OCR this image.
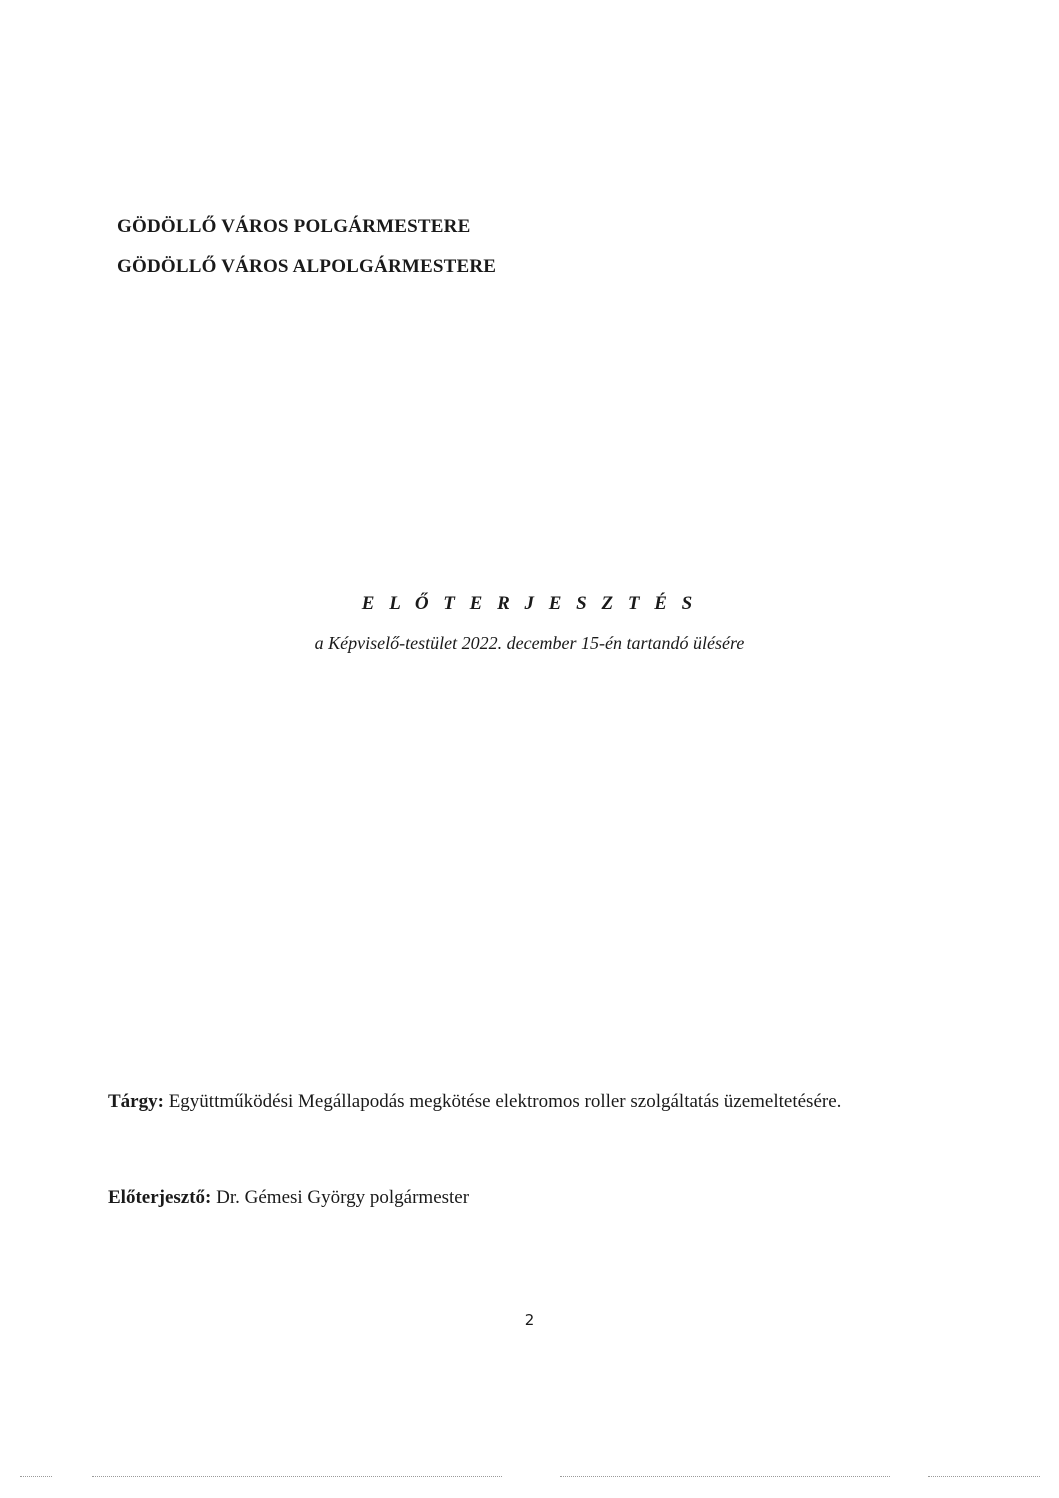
GÖDÖLLŐ VÁROS POLGÁRMESTERE
GÖDÖLLŐ VÁROS ALPOLGÁRMESTERE
E L Ő T E R J E S Z T É S
a Képviselő-testület 2022. december 15-én tartandó ülésére
Tárgy: Együttműködési Megállapodás megkötése elektromos roller szolgáltatás üzemeltetésére.
Előterjesztő: Dr. Gémesi György polgármester
2
